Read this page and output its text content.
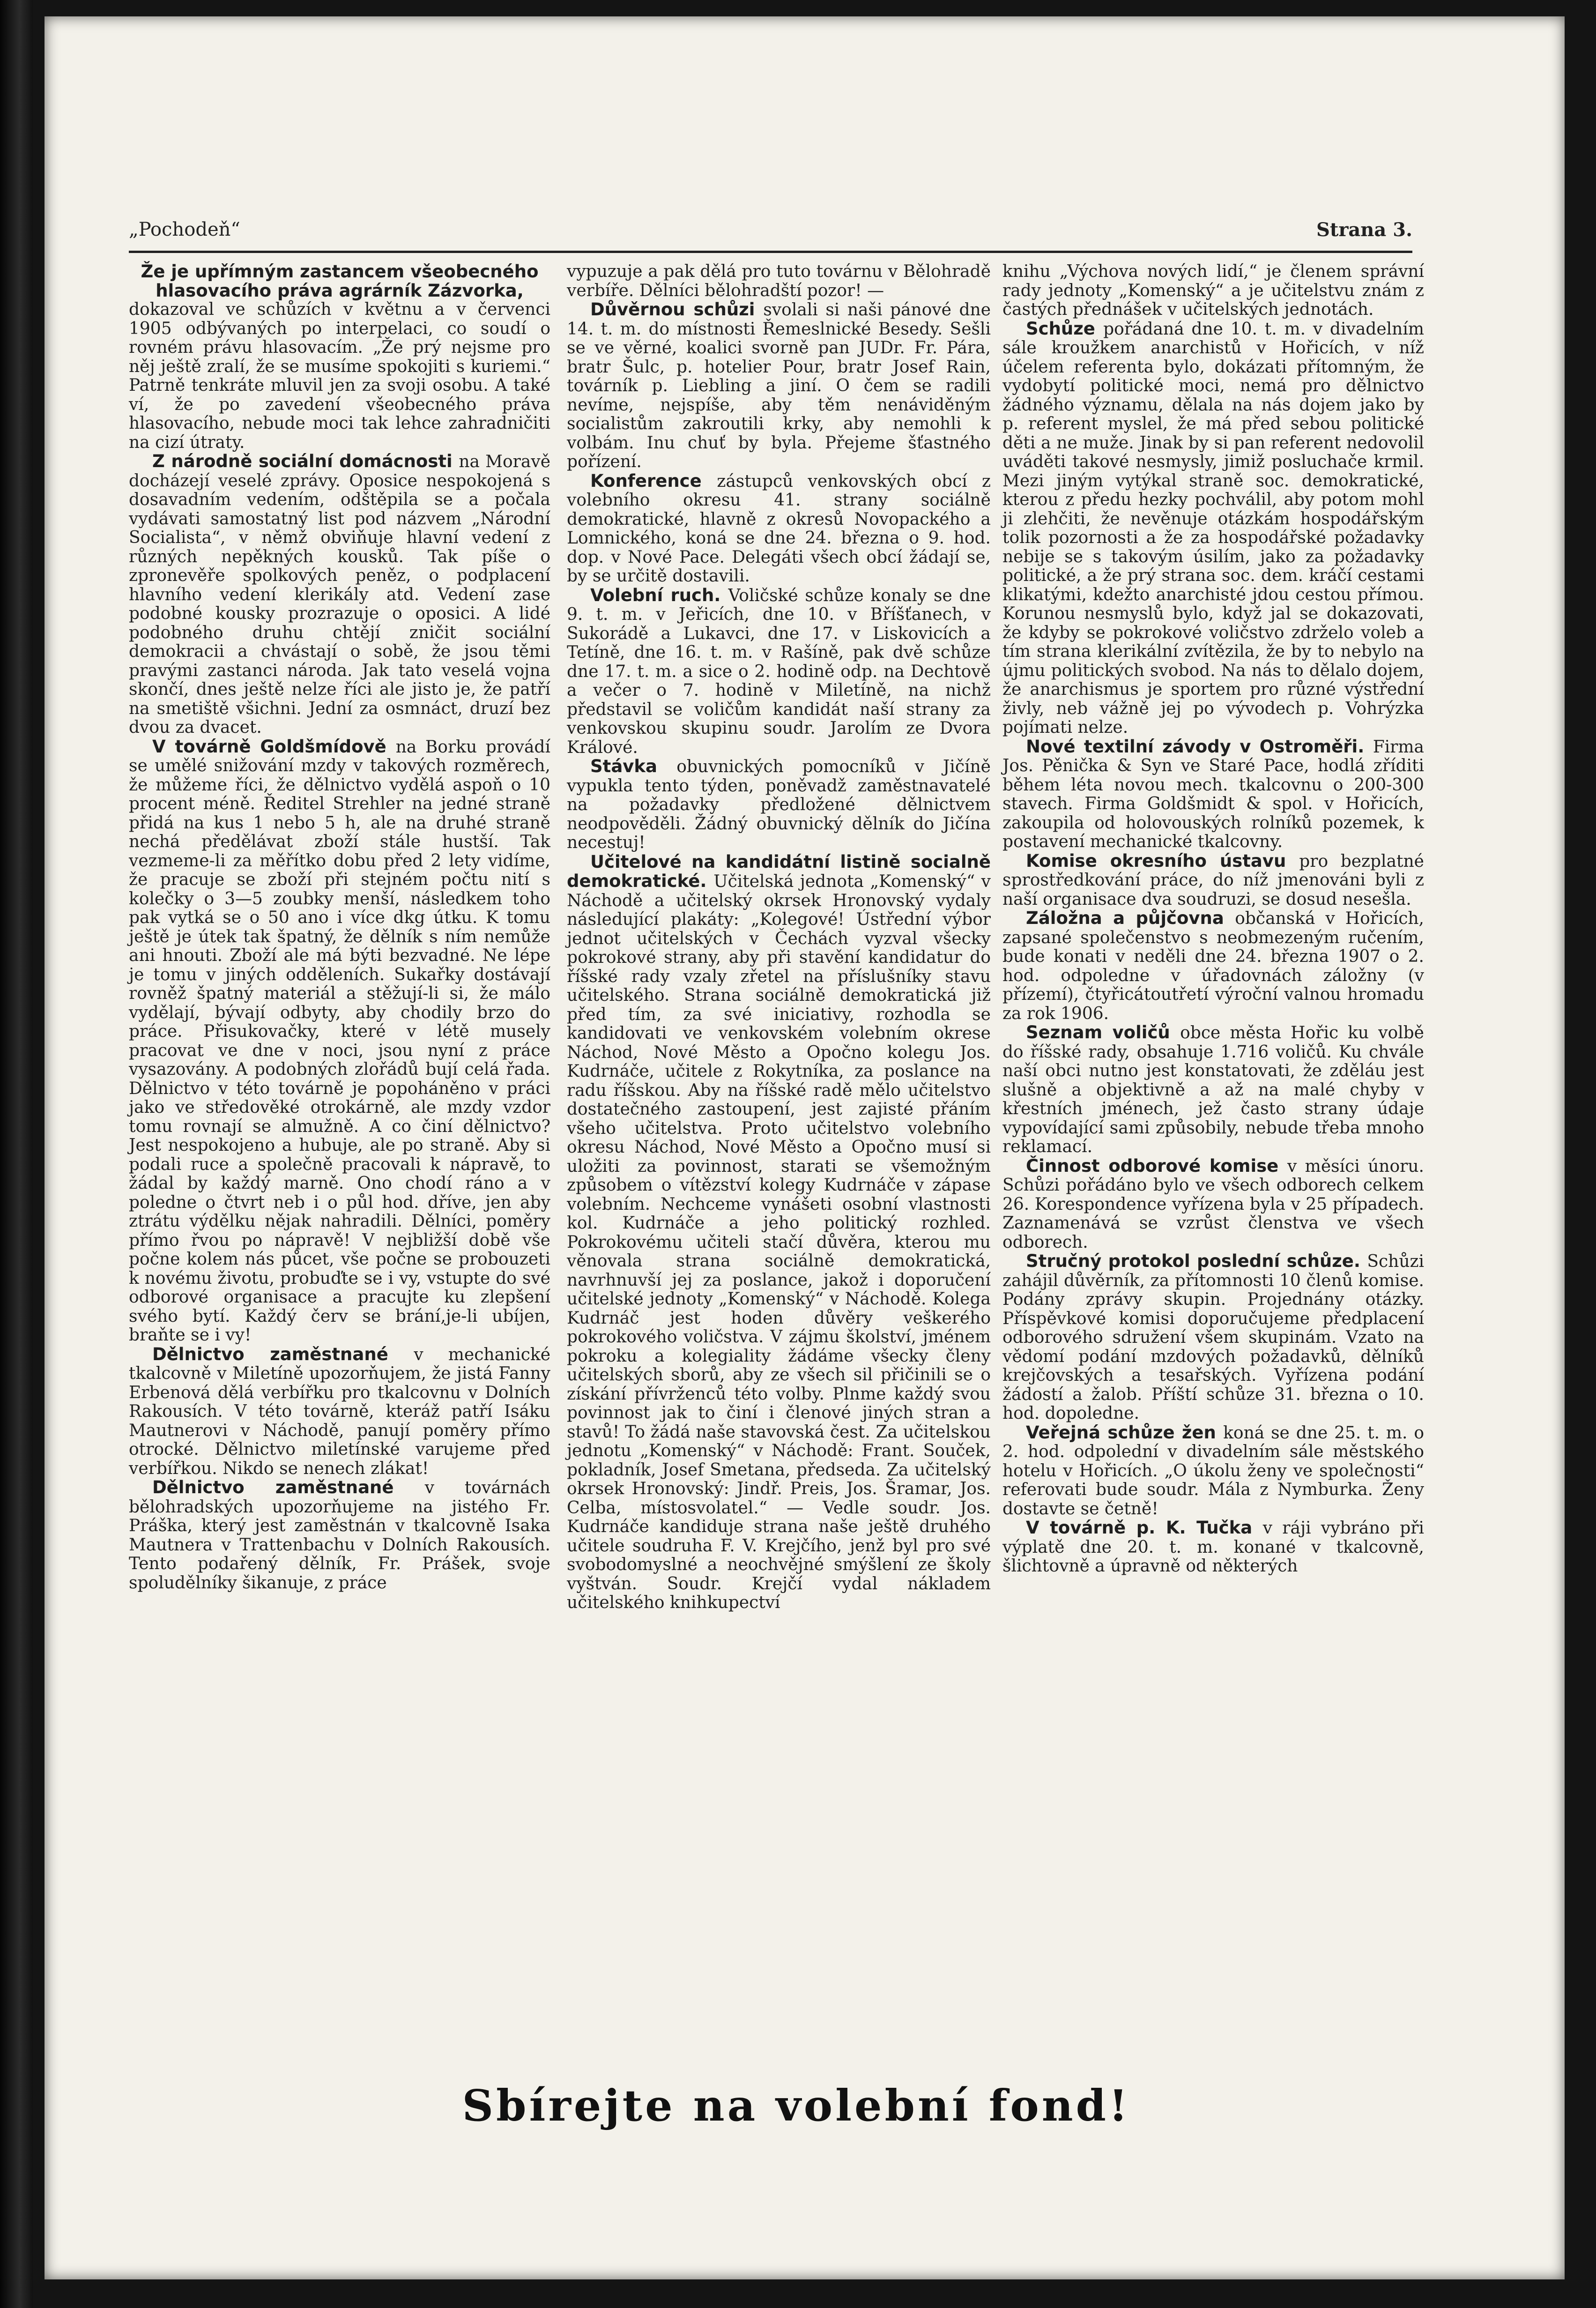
„Pochodeň“	Strana 3.

Že je upřímným zastancem všeobecného hlasovacího práva agrárník Zázvorka,
dokazoval ve schůzích v květnu a v červenci 1905 odbývaných po interpelaci, co soudí o rovném právu hlasovacím. „Že prý nejsme pro něj ještě zralí, že se musíme spokojiti s kuriemi.“ Patrně tenkráte mluvil jen za svoji osobu. A také ví, že po zavedení všeobecného práva hlasovacího, nebude moci tak lehce zahradničiti na cizí útraty.

Z národně sociální domácnosti na Moravě docházejí veselé zprávy. Oposice nespokojená s dosavadním vedením, odštěpila se a počala vydávati samostatný list pod názvem „Národní Socialista“, v němž obviňuje hlavní vedení z různých nepěkných kousků. Tak píše o zpronevěře spolkových peněz, o podplacení hlavního vedení klerikály atd. Vedení zase podobné kousky prozrazuje o oposici. A lidé podobného druhu chtějí zničit sociální demokracii a chvástají o sobě, že jsou těmi pravými zastanci národa. Jak tato veselá vojna skončí, dnes ještě nelze říci ale jisto je, že patří na smetiště všichni. Jední za osmnáct, druzí bez dvou za dvacet.

V továrně Goldšmídově na Borku provádí se umělé snižování mzdy v takových rozměrech, že můžeme říci, že dělnictvo vydělá aspoň o 10 procent méně. Ředitel Strehler na jedné straně přidá na kus 1 nebo 5 h, ale na druhé straně nechá předělávat zboží stále hustší. Tak vezmeme-li za měřítko dobu před 2 lety vidíme, že pracuje se zboží při stejném počtu nití s kolečky o 3—5 zoubky menší, následkem toho pak vytká se o 50 ano i více dkg útku. K tomu ještě je útek tak špatný, že dělník s ním nemůže ani hnouti. Zboží ale má býti bezvadné. Ne lépe je tomu v jiných odděleních. Sukařky dostávají rovněž špatný materiál a stěžují-li si, že málo vydělají, bývají odbyty, aby chodily brzo do práce. Přisukovačky, které v létě musely pracovat ve dne v noci, jsou nyní z práce vysazovány. A podobných zlořádů bují celá řada. Dělnictvo v této továrně je popoháněno v práci jako ve středověké otrokárně, ale mzdy vzdor tomu rovnají se almužně. A co činí dělnictvo? Jest nespokojeno a hubuje, ale po straně. Aby si podali ruce a společně pracovali k nápravě, to žádal by každý marně. Ono chodí ráno a v poledne o čtvrt neb i o půl hod. dříve, jen aby ztrátu výdělku nějak nahradili. Dělníci, poměry přímo řvou po nápravě! V nejbližší době vše počne kolem nás půcet, vše počne se probouzeti k novému životu, probuďte se i vy, vstupte do své odborové organisace a pracujte ku zlepšení svého bytí. Každý červ se brání,je-li ubíjen, braňte se i vy!

Dělnictvo zaměstnané v mechanické tkalcovně v Miletíně upozorňujem, že jistá Fanny Erbenová dělá verbířku pro tkalcovnu v Dolních Rakousích. V této továrně, kteráž patří Isáku Mautnerovi v Náchodě, panují poměry přímo otrocké. Dělnictvo miletínské varujeme před verbířkou. Nikdo se nenech zlákat!

Dělnictvo zaměstnané v továrnách bělohradských upozorňujeme na jistého Fr. Práška, který jest zaměstnán v tkalcovně Isaka Mautnera v Trattenbachu v Dolních Rakousích. Tento podařený dělník, Fr. Prášek, svoje spoludělníky šikanuje, z práce

vypuzuje a pak dělá pro tuto továrnu v Bělohradě verbíře. Dělníci bělohradští pozor! —

Důvěrnou schůzi svolali si naši pánové dne 14. t. m. do místnosti Řemeslnické Besedy. Sešli se ve věrné, koalici svorně pan JUDr. Fr. Pára, bratr Šulc, p. hotelier Pour, bratr Josef Rain, továrník p. Liebling a jiní. O čem se radili nevíme, nejspíše, aby těm nenáviděným socialistům zakroutili krky, aby nemohli k volbám. Inu chuť by byla. Přejeme šťastného pořízení.

Konference zástupců venkovských obcí z volebního okresu 41. strany sociálně demokratické, hlavně z okresů Novopackého a Lomnického, koná se dne 24. března o 9. hod. dop. v Nové Pace. Delegáti všech obcí žádají se, by se určitě dostavili.

Volební ruch. Voličské schůze konaly se dne 9. t. m. v Jeřicích, dne 10. v Bříšťanech, v Sukorádě a Lukavci, dne 17. v Liskovicích a Tetíně, dne 16. t. m. v Rašíně, pak dvě schůze dne 17. t. m. a sice o 2. hodině odp. na Dechtově a večer o 7. hodině v Miletíně, na nichž představil se voličům kandidát naší strany za venkovskou skupinu soudr. Jarolím ze Dvora Králové.

Stávka obuvnických pomocníků v Jičíně vypukla tento týden, poněvadž zaměstnavatelé na požadavky předložené dělnictvem neodpověděli. Žádný obuvnický dělník do Jičína necestuj!

Učitelové na kandidátní listině socialně demokratické. Učitelská jednota „Komenský“ v Náchodě a učitelský okrsek Hronovský vydaly následující plakáty: „Kolegové! Ústřední výbor jednot učitelských v Čechách vyzval všecky pokrokové strany, aby při stavění kandidatur do říšské rady vzaly zřetel na příslušníky stavu učitelského. Strana sociálně demokratická již před tím, za své iniciativy, rozhodla se kandidovati ve venkovském volebním okrese Náchod, Nové Město a Opočno kolegu Jos. Kudrnáče, učitele z Rokytníka, za poslance na radu říšskou. Aby na říšské radě mělo učitelstvo dostatečného zastoupení, jest zajisté přáním všeho učitelstva. Proto učitelstvo volebního okresu Náchod, Nové Město a Opočno musí si uložiti za povinnost, starati se všemožným způsobem o vítězství kolegy Kudrnáče v zápase volebním. Nechceme vynášeti osobní vlastnosti kol. Kudrnáče a jeho politický rozhled. Pokrokovému učiteli stačí důvěra, kterou mu věnovala strana sociálně demokratická, navrhnuvší jej za poslance, jakož i doporučení učitelské jednoty „Komenský“ v Náchodě. Kolega Kudrnáč jest hoden důvěry veškerého pokrokového voličstva. V zájmu školství, jménem pokroku a kolegiality žádáme všecky členy učitelských sborů, aby ze všech sil přičinili se o získání přívrženců této volby. Plnme každý svou povinnost jak to činí i členové jiných stran a stavů! To žádá naše stavovská čest. Za učitelskou jednotu „Komenský“ v Náchodě: Frant. Souček, pokladník, Josef Smetana, předseda. Za učitelský okrsek Hronovský: Jindř. Preis, Jos. Šramar, Jos. Celba, místosvolatel.“ — Vedle soudr. Jos. Kudrnáče kandiduje strana naše ještě druhého učitele soudruha F. V. Krejčího, jenž byl pro své svobodomyslné a neochvějné smýšlení ze školy vyštván. Soudr. Krejčí vydal nákladem učitelského knihkupectví

knihu „Výchova nových lidí,“ je členem správní rady jednoty „Komenský“ a je učitelstvu znám z častých přednášek v učitelských jednotách.

Schůze pořádaná dne 10. t. m. v divadelním sále kroužkem anarchistů v Hořicích, v níž účelem referenta bylo, dokázati přítomným, že vydobytí politické moci, nemá pro dělnictvo žádného významu, dělala na nás dojem jako by p. referent myslel, že má před sebou politické děti a ne muže. Jinak by si pan referent nedovolil uváděti takové nesmysly, jimiž posluchače krmil. Mezi jiným vytýkal straně soc. demokratické, kterou z předu hezky pochválil, aby potom mohl ji zlehčiti, že nevěnuje otázkám hospodářským tolik pozornosti a že za hospodářské požadavky nebije se s takovým úsilím, jako za požadavky politické, a že prý strana soc. dem. kráčí cestami klikatými, kdežto anarchisté jdou cestou přímou. Korunou nesmyslů bylo, když jal se dokazovati, že kdyby se pokrokové voličstvo zdrželo voleb a tím strana klerikální zvítězila, že by to nebylo na újmu politických svobod. Na nás to dělalo dojem, že anarchismus je sportem pro různé výstřední živly, neb vážně jej po vývodech p. Vohrýzka pojímati nelze.

Nové textilní závody v Ostroměři. Firma Jos. Pěnička & Syn ve Staré Pace, hodlá zříditi během léta novou mech. tkalcovnu o 200-300 stavech. Firma Goldšmidt & spol. v Hořicích, zakoupila od holovouských rolníků pozemek, k postavení mechanické tkalcovny.

Komise okresního ústavu pro bezplatné sprostředkování práce, do níž jmenováni byli z naší organisace dva soudruzi, se dosud nesešla.

Záložna a půjčovna občanská v Hořicích, zapsané společenstvo s neobmezeným ručením, bude konati v neděli dne 24. března 1907 o 2. hod. odpoledne v úřadovnách záložny (v přízemí), čtyřicátoutřetí výroční valnou hromadu za rok 1906.

Seznam voličů obce města Hořic ku volbě do říšské rady, obsahuje 1.716 voličů. Ku chvále naší obci nutno jest konstatovati, že zděláu jest slušně a objektivně a až na malé chyby v křestních jménech, jež často strany údaje vypovídající sami způsobily, nebude třeba mnoho reklamací.

Činnost odborové komise v měsíci únoru. Schůzi pořádáno bylo ve všech odborech celkem 26. Korespondence vyřízena byla v 25 případech. Zaznamenává se vzrůst členstva ve všech odborech.

Stručný protokol poslední schůze. Schůzi zahájil důvěrník, za přítomnosti 10 členů komise. Podány zprávy skupin. Projednány otázky. Příspěvkové komisi doporučujeme předplacení odborového sdružení všem skupinám. Vzato na vědomí podání mzdových požadavků, dělníků krejčovských a tesařských. Vyřízena podání žádostí a žalob. Příští schůze 31. března o 10. hod. dopoledne.

Veřejná schůze žen koná se dne 25. t. m. o 2. hod. odpolední v divadelním sále městského hotelu v Hořicích. „O úkolu ženy ve společnosti“ referovati bude soudr. Mála z Nymburka. Ženy dostavte se četně!

V továrně p. K. Tučka v ráji vybráno při výplatě dne 20. t. m. konané v tkalcovně, šlichtovně a úpravně od některých

Sbírejte na volební fond!
